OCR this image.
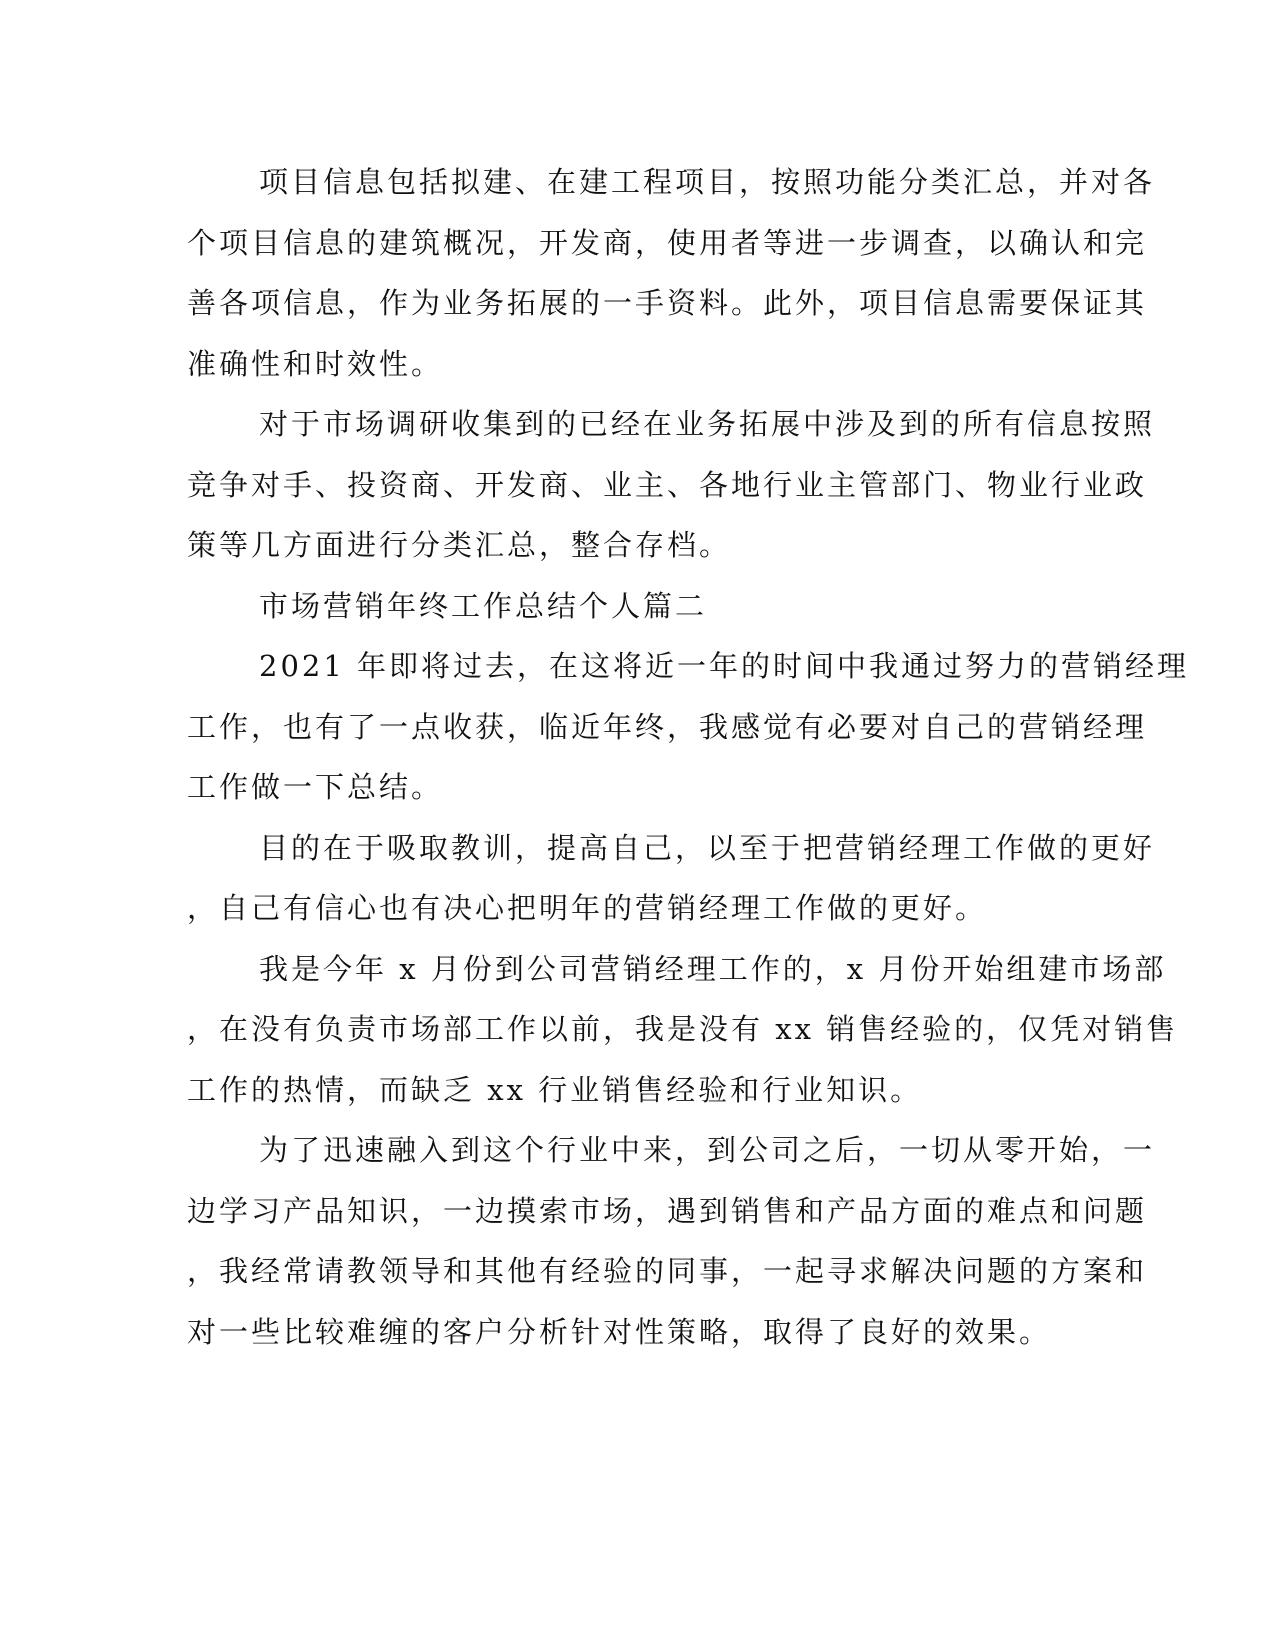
项目信息包括拟建、在建工程项目，按照功能分类汇总，并对各
个项目信息的建筑概况，开发商，使用者等进一步调查，以确认和完
善各项信息，作为业务拓展的一手资料。此外，项目信息需要保证其
准确性和时效性。

对于市场调研收集到的已经在业务拓展中涉及到的所有信息按照
竞争对手、投资商、开发商、业主、各地行业主管部门、物业行业政
策等几方面进行分类汇总，整合存档。

市场营销年终工作总结个人篇二

2021 年即将过去，在这将近一年的时间中我通过努力的营销经理
工作，也有了一点收获，临近年终，我感觉有必要对自己的营销经理
工作做一下总结。

目的在于吸取教训，提高自己，以至于把营销经理工作做的更好
，自己有信心也有决心把明年的营销经理工作做的更好。

我是今年 x 月份到公司营销经理工作的，x 月份开始组建市场部
，在没有负责市场部工作以前，我是没有 xx 销售经验的，仅凭对销售
工作的热情，而缺乏 xx 行业销售经验和行业知识。

为了迅速融入到这个行业中来，到公司之后，一切从零开始，一
边学习产品知识，一边摸索市场，遇到销售和产品方面的难点和问题
，我经常请教领导和其他有经验的同事，一起寻求解决问题的方案和
对一些比较难缠的客户分析针对性策略，取得了良好的效果。
